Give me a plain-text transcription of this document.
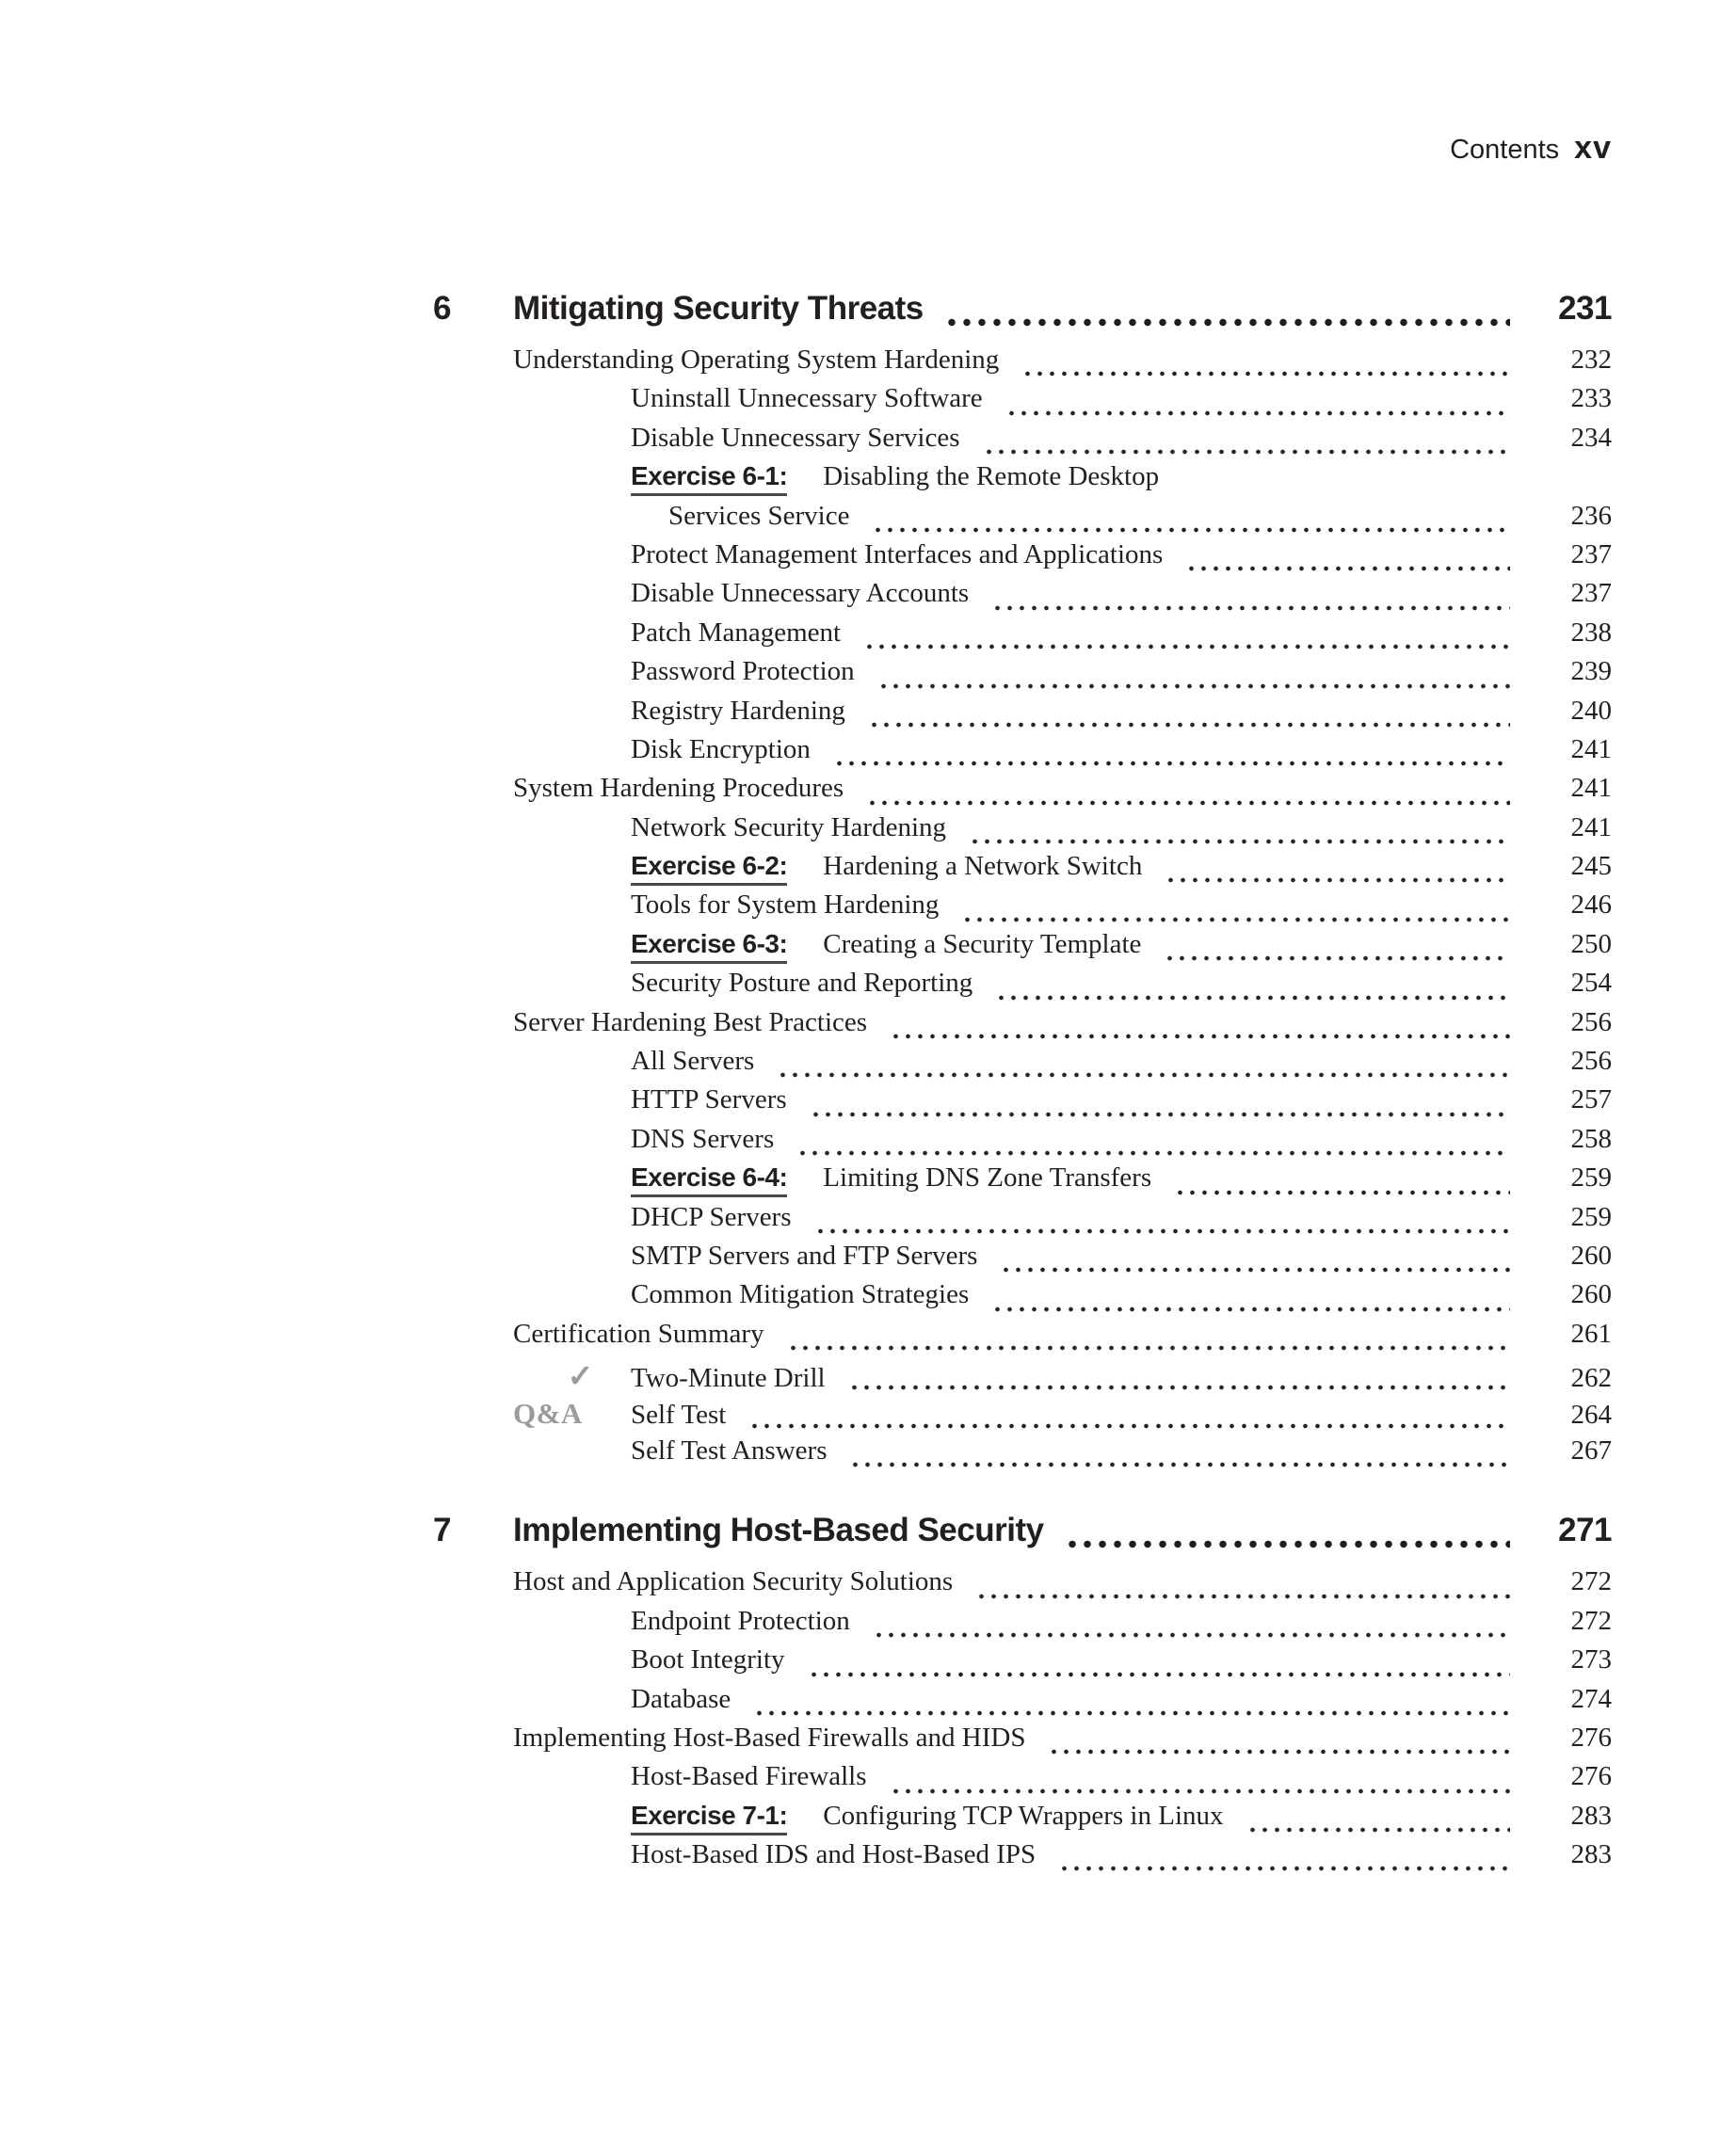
Contents xv
6	Mitigating Security Threats	231
Understanding Operating System Hardening	232
Uninstall Unnecessary Software	233
Disable Unnecessary Services	234
Exercise 6-1: Disabling the Remote Desktop
Services Service	236
Protect Management Interfaces and Applications	237
Disable Unnecessary Accounts	237
Patch Management	238
Password Protection	239
Registry Hardening	240
Disk Encryption	241
System Hardening Procedures	241
Network Security Hardening	241
Exercise 6-2: Hardening a Network Switch	245
Tools for System Hardening	246
Exercise 6-3: Creating a Security Template	250
Security Posture and Reporting	254
Server Hardening Best Practices	256
All Servers	256
HTTP Servers	257
DNS Servers	258
Exercise 6-4: Limiting DNS Zone Transfers	259
DHCP Servers	259
SMTP Servers and FTP Servers	260
Common Mitigation Strategies	260
Certification Summary	261
✓	Two-Minute Drill	262
Q&A	Self Test	264
Self Test Answers	267
7	Implementing Host-Based Security	271
Host and Application Security Solutions	272
Endpoint Protection	272
Boot Integrity	273
Database	274
Implementing Host-Based Firewalls and HIDS	276
Host-Based Firewalls	276
Exercise 7-1: Configuring TCP Wrappers in Linux	283
Host-Based IDS and Host-Based IPS	283
